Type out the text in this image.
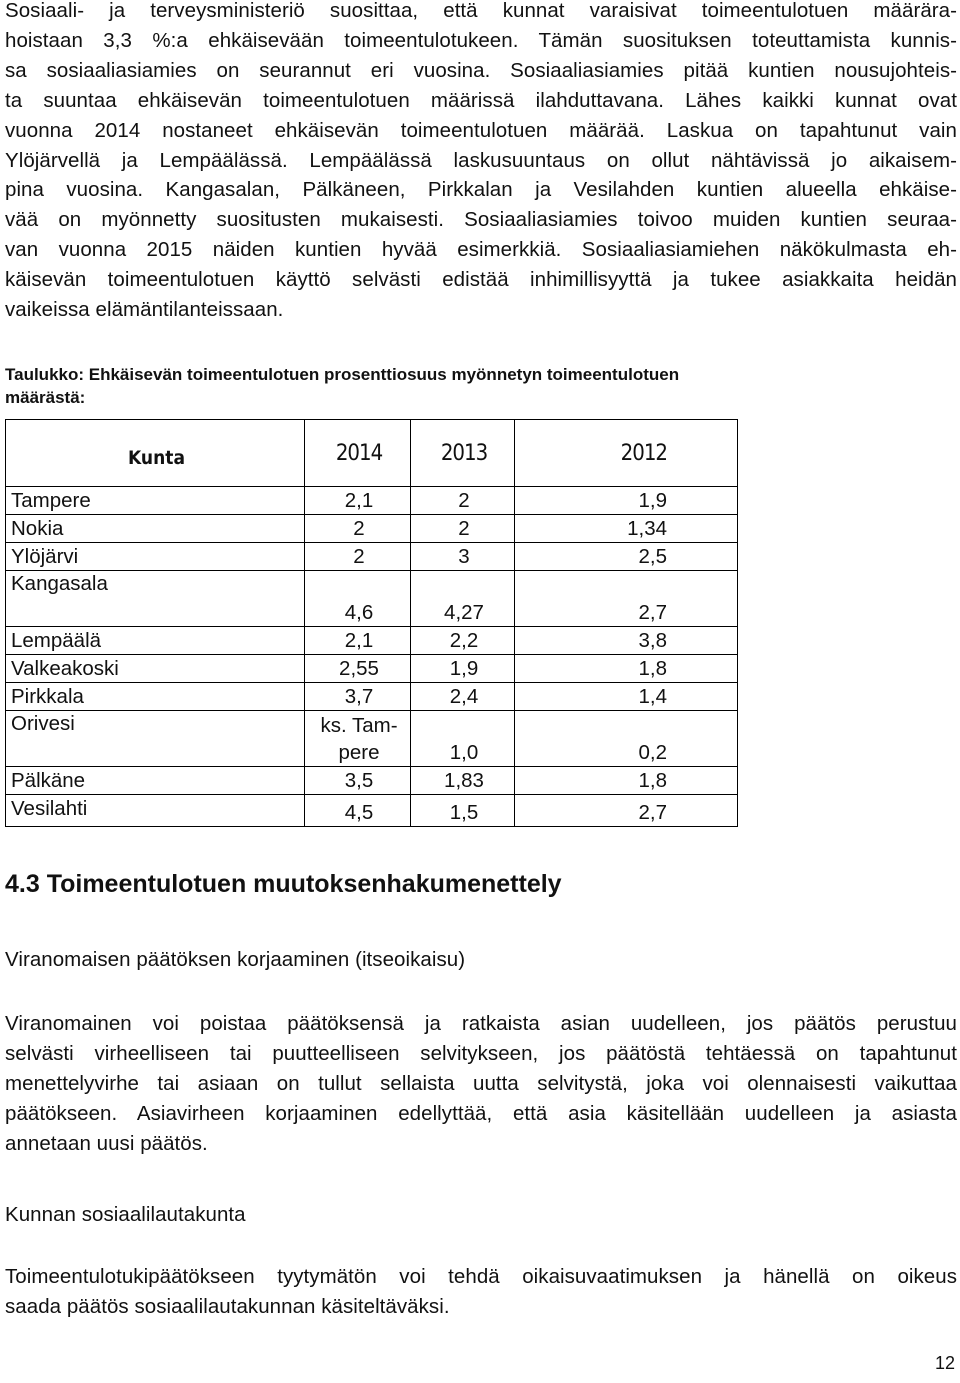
Sosiaali- ja terveysministeriö suosittaa, että kunnat varaisivat toimeentulotuen määrära-
hoistaan 3,3 %:a ehkäisevään toimeentulotukeen. Tämän suosituksen toteuttamista kunnis-
sa sosiaaliasiamies on seurannut eri vuosina. Sosiaaliasiamies pitää kuntien nousujohteis-
ta suuntaa ehkäisevän toimeentulotuen määrissä ilahduttavana. Lähes kaikki kunnat ovat
vuonna 2014 nostaneet ehkäisevän toimeentulotuen määrää. Laskua on tapahtunut vain
Ylöjärvellä ja Lempäälässä. Lempäälässä laskusuuntaus on ollut nähtävissä jo aikaisem-
pina vuosina. Kangasalan, Pälkäneen, Pirkkalan ja Vesilahden kuntien alueella ehkäise-
vää on myönnetty suositusten mukaisesti. Sosiaaliasiamies toivoo muiden kuntien seuraa-
van vuonna 2015 näiden kuntien hyvää esimerkkiä. Sosiaaliasiamiehen näkökulmasta eh-
käisevän toimeentulotuen käyttö selvästi edistää inhimillisyyttä ja tukee asiakkaita heidän
vaikeissa elämäntilanteissaan.

Taulukko: Ehkäisevän toimeentulotuen prosenttiosuus myönnetyn toimeentulotuen
määrästä:
Kunta	2014	2013	2012
Tampere	2,1	2	1,9
Nokia	2	2	1,34
Ylöjärvi	2	3	2,5
Kangasala	4,6	4,27	2,7
Lempäälä	2,1	2,2	3,8
Valkeakoski	2,55	1,9	1,8
Pirkkala	3,7	2,4	1,4
Orivesi	ks. Tam-
pere	1,0	0,2
Pälkäne	3,5	1,83	1,8
Vesilahti	4,5	1,5	2,7
4.3 Toimeentulotuen muutoksenhakumenettely

Viranomaisen päätöksen korjaaminen (itseoikaisu)

Viranomainen voi poistaa päätöksensä ja ratkaista asian uudelleen, jos päätös perustuu
selvästi virheelliseen tai puutteelliseen selvitykseen, jos päätöstä tehtäessä on tapahtunut
menettelyvirhe tai asiaan on tullut sellaista uutta selvitystä, joka voi olennaisesti vaikuttaa
päätökseen. Asiavirheen korjaaminen edellyttää, että asia käsitellään uudelleen ja asiasta
annetaan uusi päätös.

Kunnan sosiaalilautakunta

Toimeentulotukipäätökseen tyytymätön voi tehdä oikaisuvaatimuksen ja hänellä on oikeus
saada päätös sosiaalilautakunnan käsiteltäväksi.

12
